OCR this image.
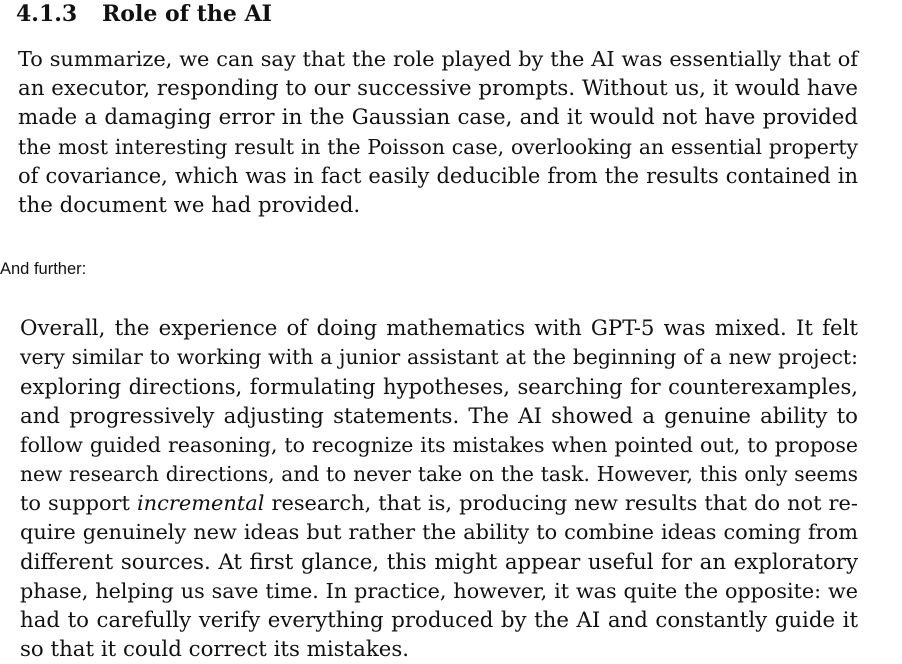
4.1.3 Role of the AI
To summarize, we can say that the role played by the AI was essentially that of
an executor, responding to our successive prompts. Without us, it would have
made a damaging error in the Gaussian case, and it would not have provided
the most interesting result in the Poisson case, overlooking an essential property
of covariance, which was in fact easily deducible from the results contained in
the document we had provided.
And further:
Overall, the experience of doing mathematics with GPT-5 was mixed. It felt
very similar to working with a junior assistant at the beginning of a new project:
exploring directions, formulating hypotheses, searching for counterexamples,
and progressively adjusting statements. The AI showed a genuine ability to
follow guided reasoning, to recognize its mistakes when pointed out, to propose
new research directions, and to never take on the task. However, this only seems
to support incremental research, that is, producing new results that do not re-
quire genuinely new ideas but rather the ability to combine ideas coming from
different sources. At first glance, this might appear useful for an exploratory
phase, helping us save time. In practice, however, it was quite the opposite: we
had to carefully verify everything produced by the AI and constantly guide it
so that it could correct its mistakes.
